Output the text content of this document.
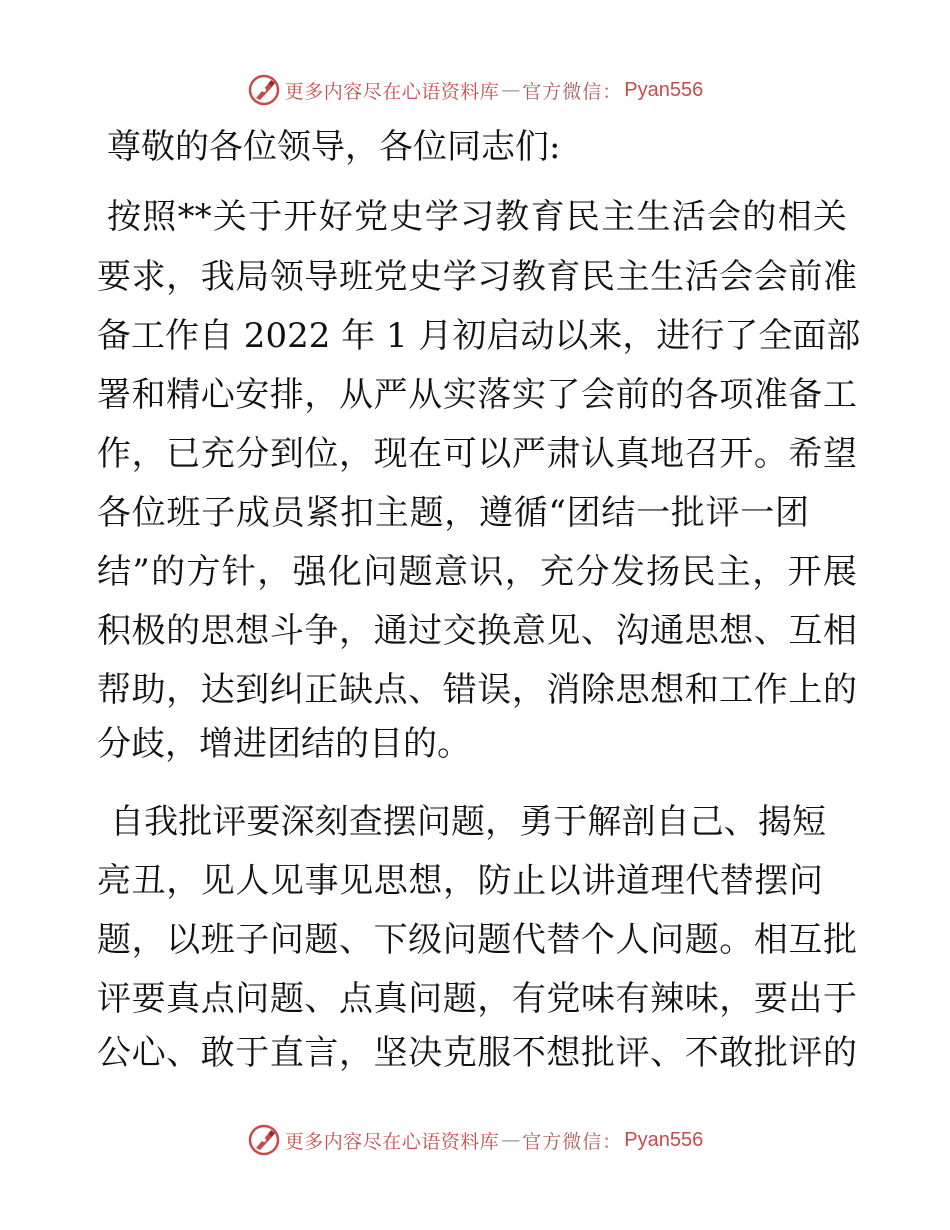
更多内容尽在心语资料库 — 官方微信： Pyan556
尊敬的各位领导，各位同志们:
按照**关于开好党史学习教育民主生活会的相关
要求，我局领导班党史学习教育民主生活会会前准
备工作自 2022 年 1 月初启动以来，进行了全面部
署和精心安排，从严从实落实了会前的各项准备工
作，已充分到位，现在可以严肃认真地召开。希望
各位班子成员紧扣主题，遵循“团结一批评一团
结”的方针，强化问题意识，充分发扬民主，开展
积极的思想斗争，通过交换意见、沟通思想、互相
帮助，达到纠正缺点、错误，消除思想和工作上的
分歧，增进团结的目的。
自我批评要深刻查摆问题，勇于解剖自己、揭短
亮丑，见人见事见思想，防止以讲道理代替摆问
题，以班子问题、下级问题代替个人问题。相互批
评要真点问题、点真问题，有党味有辣味，要出于
公心、敢于直言，坚决克服不想批评、不敢批评的
更多内容尽在心语资料库 — 官方微信： Pyan556
